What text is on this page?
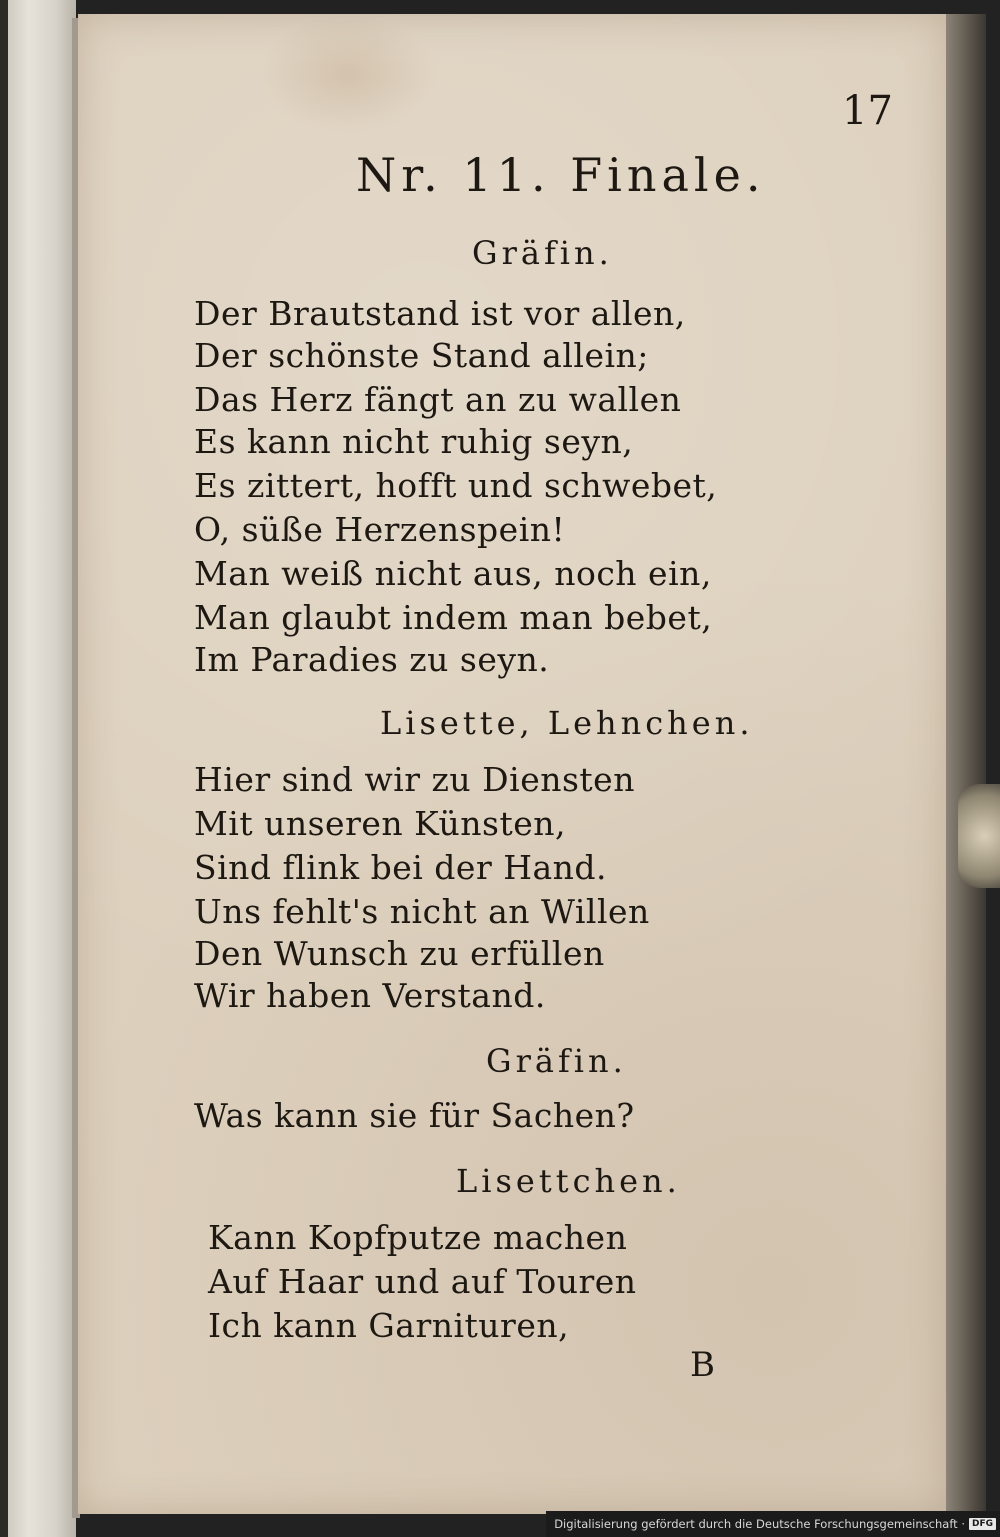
17
Nr. 11. Finale.
Gräfin.
Der Brautstand ist vor allen,
Der schönste Stand allein;
Das Herz fängt an zu wallen
Es kann nicht ruhig seyn,
Es zittert, hofft und schwebet,
O, süße Herzenspein!
Man weiß nicht aus, noch ein,
Man glaubt indem man bebet,
Im Paradies zu seyn.
Lisette, Lehnchen.
Hier sind wir zu Diensten
Mit unseren Künsten,
Sind flink bei der Hand.
Uns fehlt's nicht an Willen
Den Wunsch zu erfüllen
Wir haben Verstand.
Gräfin.
Was kann sie für Sachen?
Lisettchen.
Kann Kopfputze machen
Auf Haar und auf Touren
Ich kann Garnituren,
B
Digitalisierung gefördert durch die Deutsche Forschungsgemeinschaft · DFG
